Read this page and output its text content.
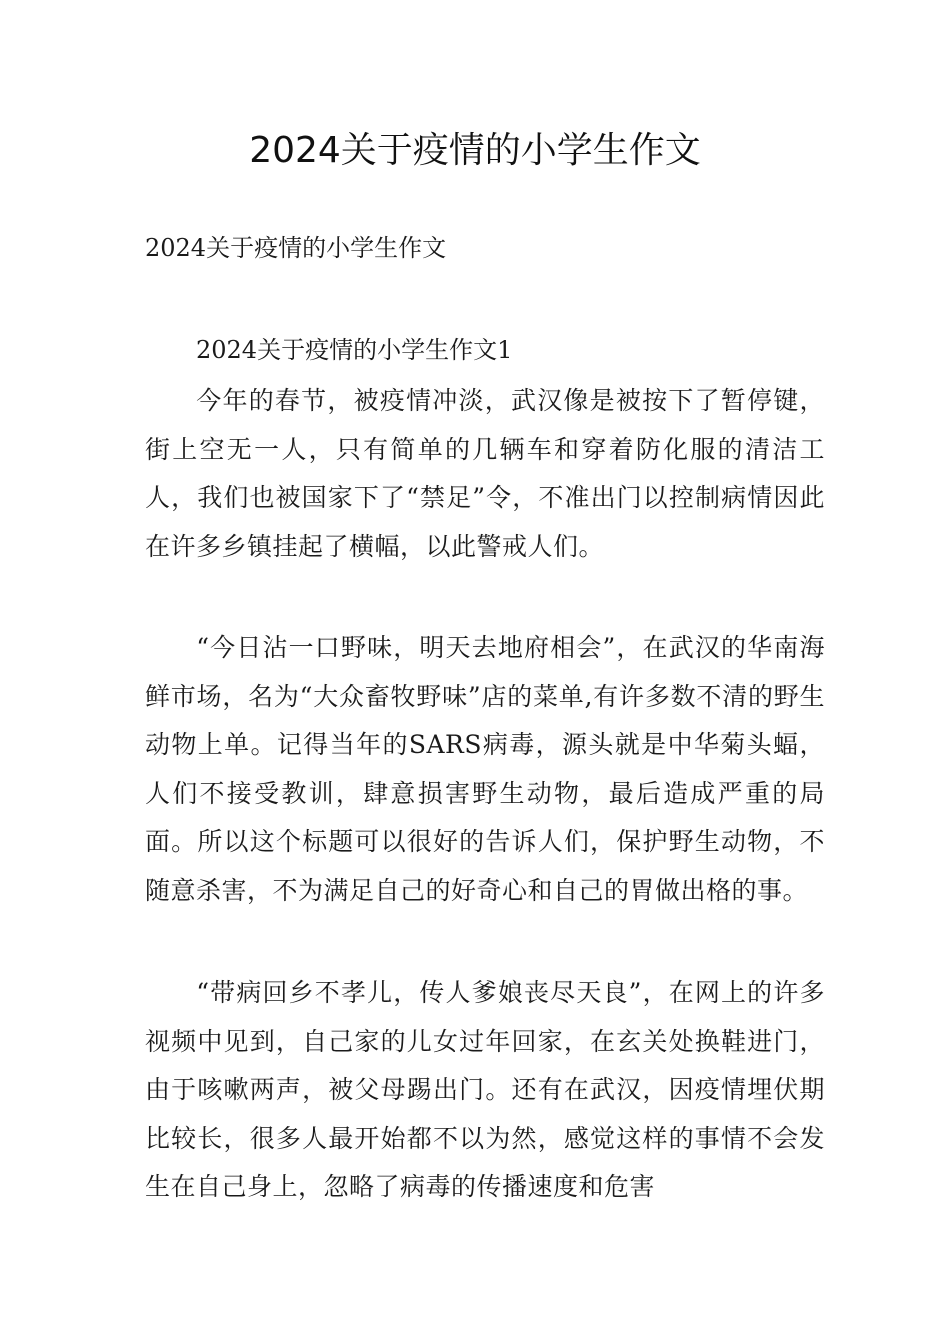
2024关于疫情的小学生作文

2024关于疫情的小学生作文

2024关于疫情的小学生作文1

今年的春节，被疫情冲淡，武汉像是被按下了暂停键，街上空无一人，只有简单的几辆车和穿着防化服的清洁工人，我们也被国家下了“禁足”令，不准出门以控制病情因此在许多乡镇挂起了横幅，以此警戒人们。

“今日沾一口野味，明天去地府相会”，在武汉的华南海鲜市场，名为“大众畜牧野味”店的菜单,有许多数不清的野生动物上单。记得当年的SARS病毒，源头就是中华菊头蝠，人们不接受教训，肆意损害野生动物，最后造成严重的局面。所以这个标题可以很好的告诉人们，保护野生动物，不随意杀害，不为满足自己的好奇心和自己的胃做出格的事。

“带病回乡不孝儿，传人爹娘丧尽天良”，在网上的许多视频中见到，自己家的儿女过年回家，在玄关处换鞋进门，由于咳嗽两声，被父母踢出门。还有在武汉，因疫情埋伏期比较长，很多人最开始都不以为然，感觉这样的事情不会发生在自己身上，忽略了病毒的传播速度和危害
